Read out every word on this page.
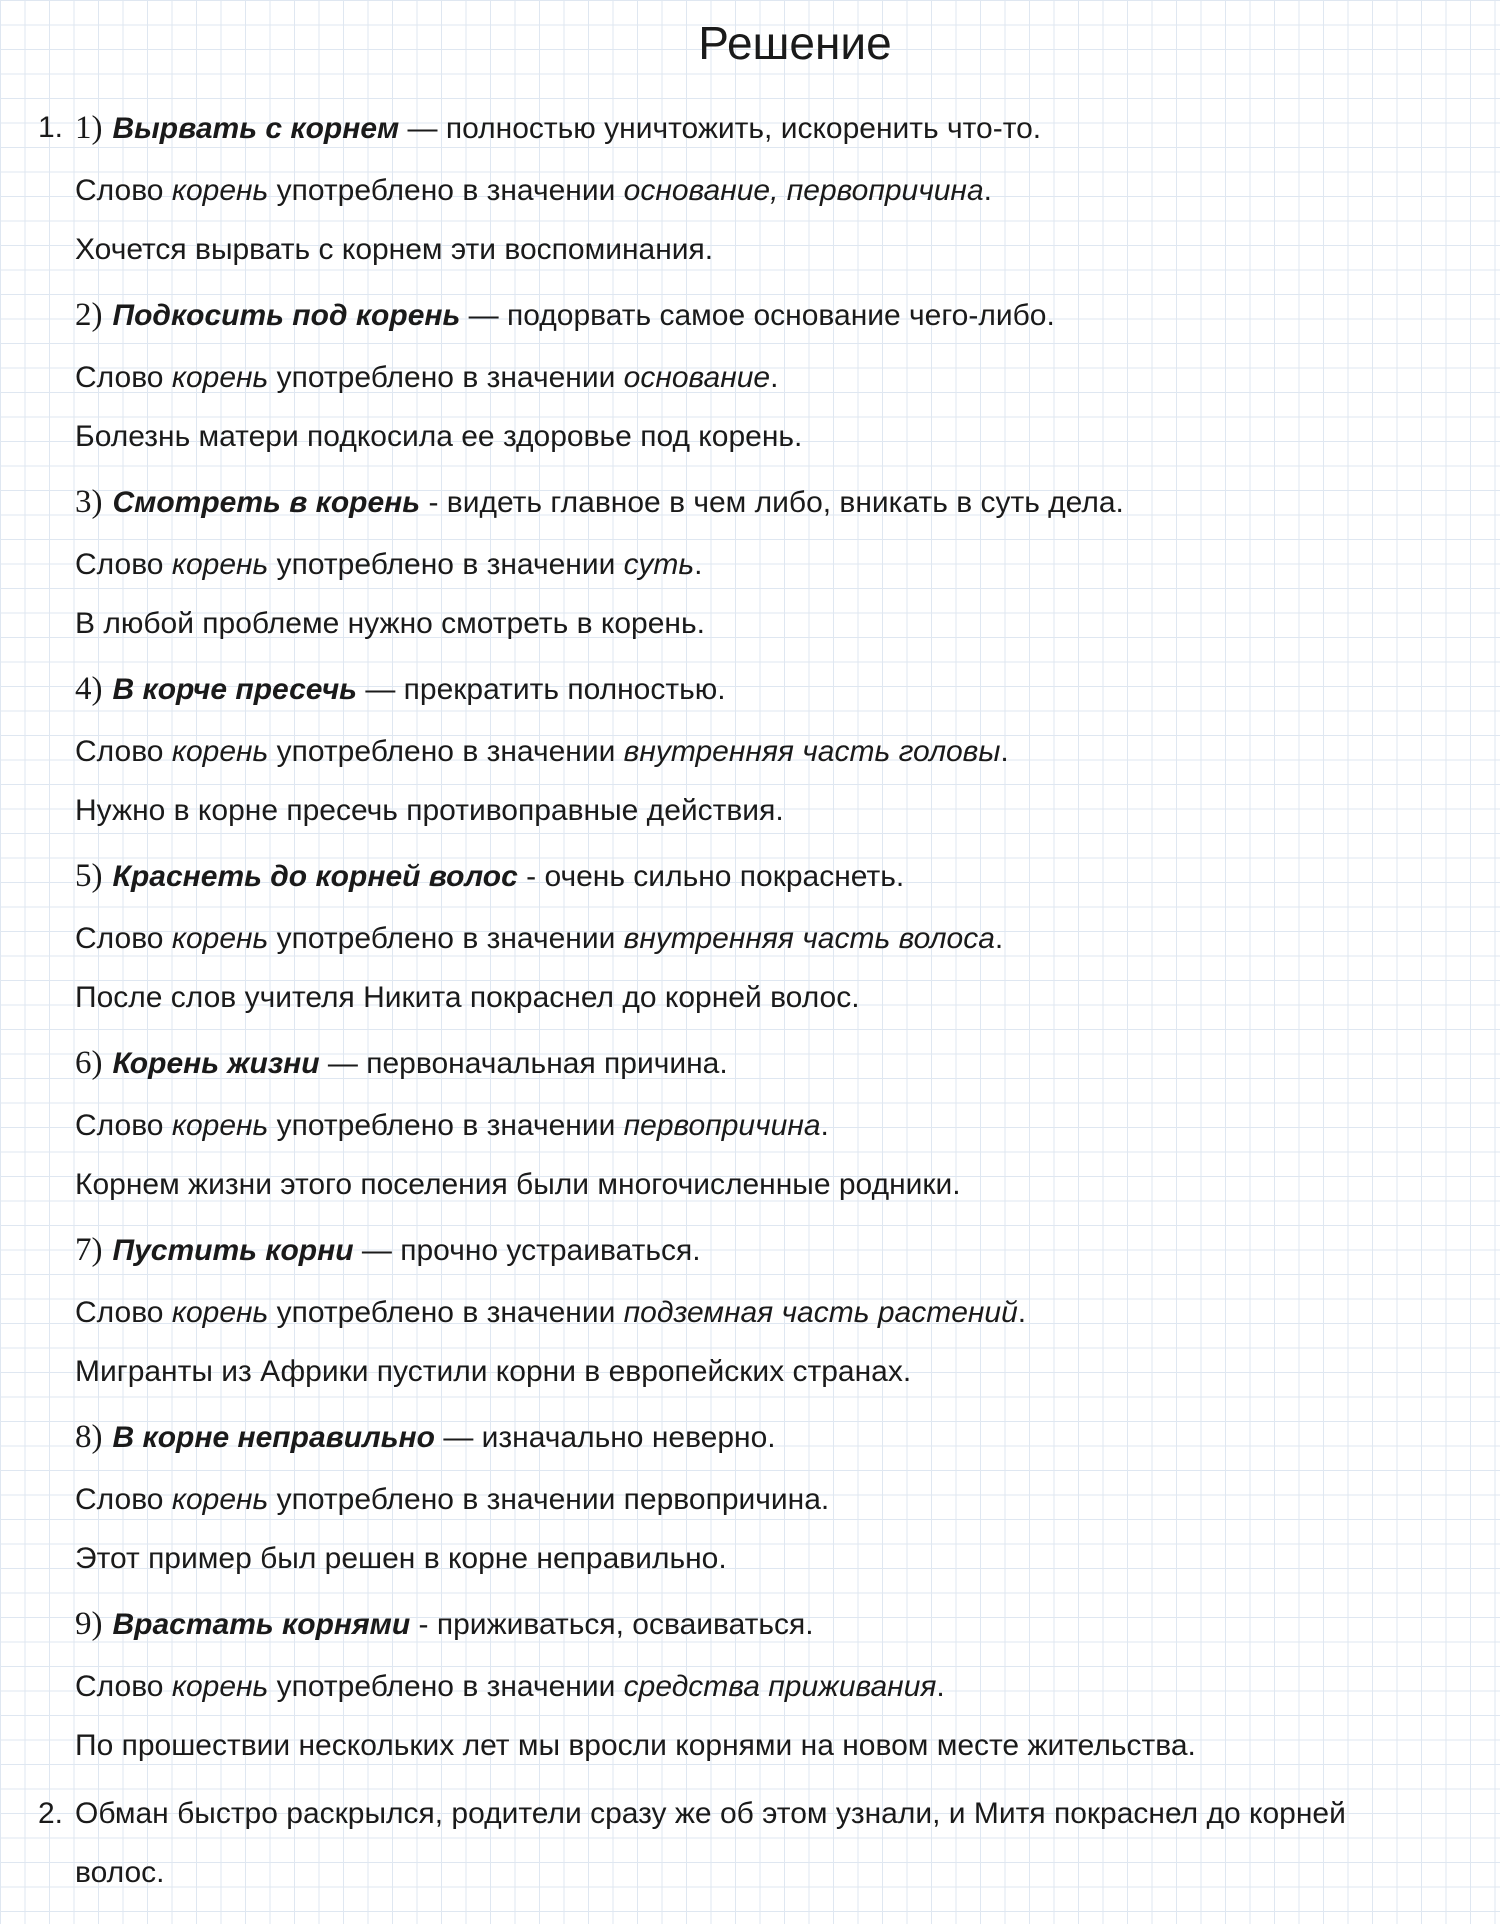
Решение
1. 1) Вырвать с корнем — полностью уничтожить, искоренить что-то.

Слово корень употреблено в значении основание, первопричина.

Хочется вырвать с корнем эти воспоминания.

2) Подкосить под корень — подорвать самое основание чего-либо.

Слово корень употреблено в значении основание.

Болезнь матери подкосила ее здоровье под корень.

3) Смотреть в корень - видеть главное в чем либо, вникать в суть дела.

Слово корень употреблено в значении суть.

В любой проблеме нужно смотреть в корень.

4) В корче пресечь — прекратить полностью.

Слово корень употреблено в значении внутренняя часть головы.

Нужно в корне пресечь противоправные действия.

5) Краснеть до корней волос - очень сильно покраснеть.

Слово корень употреблено в значении внутренняя часть волоса.

После слов учителя Никита покраснел до корней волос.

6) Корень жизни — первоначальная причина.

Слово корень употреблено в значении первопричина.

Корнем жизни этого поселения были многочисленные родники.

7) Пустить корни — прочно устраиваться.

Слово корень употреблено в значении подземная часть растений.

Мигранты из Африки пустили корни в европейских странах.

8) В корне неправильно — изначально неверно.

Слово корень употреблено в значении первопричина.

Этот пример был решен в корне неправильно.

9) Врастать корнями - приживаться, осваиваться.

Слово корень употреблено в значении средства приживания.

По прошествии нескольких лет мы вросли корнями на новом месте жительства.

2. Обман быстро раскрылся, родители сразу же об этом узнали, и Митя покраснел до корней

волос.
